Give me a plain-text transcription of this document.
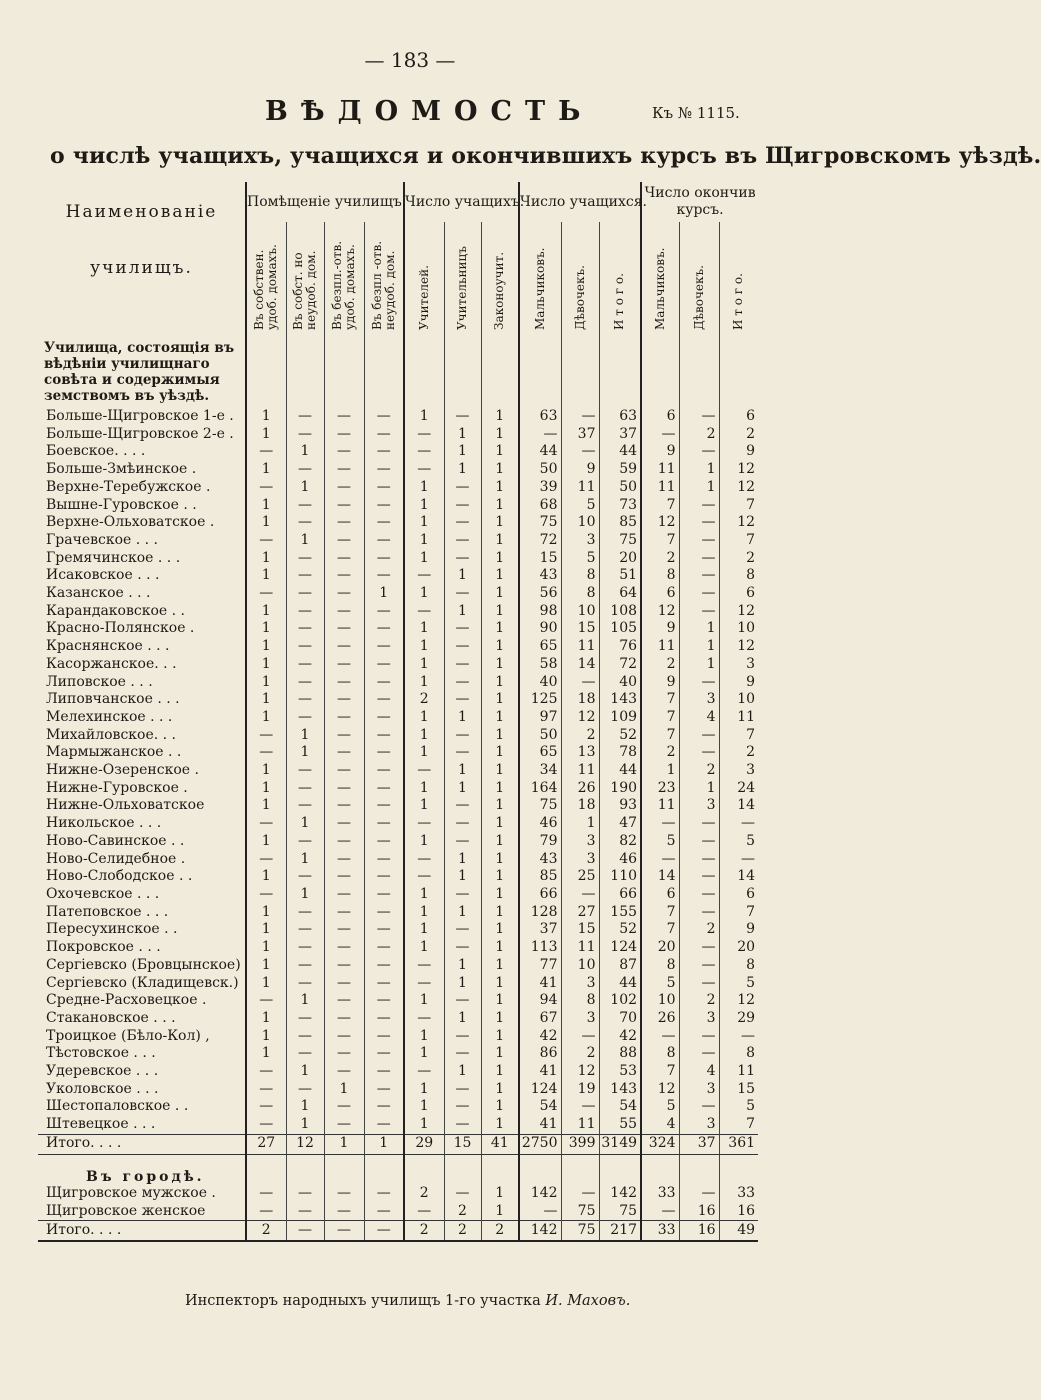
— 183 —
ВѢДОМОСТЬ	Къ № 1115.
о числѣ учащихъ, учащихся и окончившихъ курсъ въ Щигровскомъ уѣздѣ.
Наименованіе
училищъ.	Помѣщеніе училищъ.				Число учащихъ.			Число учащихся.			Число окончив курсъ.		

	Въ собствен. удоб. домахъ.	Въ собст. но неудоб. дом.	Въ безпл.-отв. удоб. домахъ.	Въ безпл -отв. неудоб. дом.	Учителей.	Учительницъ	Законоучит.	Мальчиковъ.	Дѣвочекъ.	И т о г о.	Мальчиковъ.	Дѣвочекъ.	И т о г о.

Училища, состоящія въ вѣдѣніи училищнаго совѣта и содержимыя земствомъ въ уѣздѣ.													
Больше-Щигровское 1-е .	1	—	—	—	1	—	1	63	—	63	6	—	6
Больше-Щигровское 2-е .	1	—	—	—	—	1	1	—	37	37	—	2	2
Боевское. . . .	—	1	—	—	—	1	1	44	—	44	9	—	9
Больше-Змѣинское .	1	—	—	—	—	1	1	50	9	59	11	1	12
Верхне-Теребужское .	—	1	—	—	1	—	1	39	11	50	11	1	12
Вышне-Гуровское . .	1	—	—	—	1	—	1	68	5	73	7	—	7
Верхне-Ольховатское .	1	—	—	—	1	—	1	75	10	85	12	—	12
Грачевское . . .	—	1	—	—	1	—	1	72	3	75	7	—	7
Гремячинское . . .	1	—	—	—	1	—	1	15	5	20	2	—	2
Исаковское . . .	1	—	—	—	—	1	1	43	8	51	8	—	8
Казанское . . .	—	—	—	1	1	—	1	56	8	64	6	—	6
Карандаковское . .	1	—	—	—	—	1	1	98	10	108	12	—	12
Красно-Полянское .	1	—	—	—	1	—	1	90	15	105	9	1	10
Краснянское . . .	1	—	—	—	1	—	1	65	11	76	11	1	12
Касоржанское. . .	1	—	—	—	1	—	1	58	14	72	2	1	3
Липовское . . .	1	—	—	—	1	—	1	40	—	40	9	—	9
Липовчанское . . .	1	—	—	—	2	—	1	125	18	143	7	3	10
Мелехинское . . .	1	—	—	—	1	1	1	97	12	109	7	4	11
Михайловское. . .	—	1	—	—	1	—	1	50	2	52	7	—	7
Мармыжанское . .	—	1	—	—	1	—	1	65	13	78	2	—	2
Нижне-Озеренское .	1	—	—	—	—	1	1	34	11	44	1	2	3
Нижне-Гуровское .	1	—	—	—	1	1	1	164	26	190	23	1	24
Нижне-Ольховатское	1	—	—	—	1	—	1	75	18	93	11	3	14
Никольское . . .	—	1	—	—	—	—	1	46	1	47	—	—	—
Ново-Савинское . .	1	—	—	—	1	—	1	79	3	82	5	—	5
Ново-Селидебное .	—	1	—	—	—	1	1	43	3	46	—	—	—
Ново-Слободское . .	1	—	—	—	—	1	1	85	25	110	14	—	14
Охочевское . . .	—	1	—	—	1	—	1	66	—	66	6	—	6
Патеповское . . .	1	—	—	—	1	1	1	128	27	155	7	—	7
Пересухинское . .	1	—	—	—	1	—	1	37	15	52	7	2	9
Покровское . . .	1	—	—	—	1	—	1	113	11	124	20	—	20
Сергіевско (Бровцынское)	1	—	—	—	—	1	1	77	10	87	8	—	8
Сергіевско (Кладищевск.)	1	—	—	—	—	1	1	41	3	44	5	—	5
Средне-Расховецкое .	—	1	—	—	1	—	1	94	8	102	10	2	12
Стакановское . . .	1	—	—	—	—	1	1	67	3	70	26	3	29
Троицкое (Бѣло-Кол) ,	1	—	—	—	1	—	1	42	—	42	—	—	—
Тѣстовское . . .	1	—	—	—	1	—	1	86	2	88	8	—	8
Удеревское . . .	—	1	—	—	—	1	1	41	12	53	7	4	11
Уколовское . . .	—	—	1	—	1	—	1	124	19	143	12	3	15
Шестопаловское . .	—	1	—	—	1	—	1	54	—	54	5	—	5
Штевецкое . . .	—	1	—	—	1	—	1	41	11	55	4	3	7
Итого. . . .	27	12	1	1	29	15	41	2750	399	3149	324	37	361
Въ городѣ.													
Щигровское мужское .	—	—	—	—	2	—	1	142	—	142	33	—	33
Щигровское женское	—	—	—	—	—	2	1	—	75	75	—	16	16
Итого. . . .	2	—	—	—	2	2	2	142	75	217	33	16	49
Инспекторъ народныхъ училищъ 1-го участка И. Маховъ.
